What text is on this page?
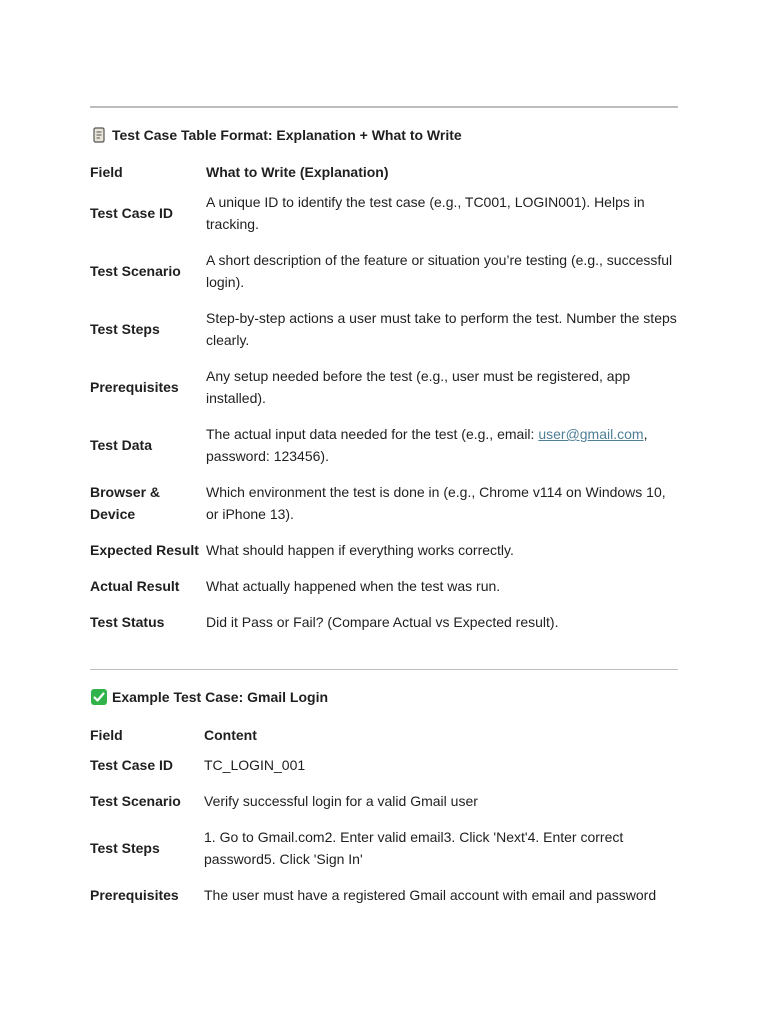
Test Case Table Format: Explanation + What to Write
Field	What to Write (Explanation)
Test Case ID	A unique ID to identify the test case (e.g., TC001, LOGIN001). Helps in tracking.
Test Scenario	A short description of the feature or situation you’re testing (e.g., successful login).
Test Steps	Step-by-step actions a user must take to perform the test. Number the steps clearly.
Prerequisites	Any setup needed before the test (e.g., user must be registered, app installed).
Test Data	The actual input data needed for the test (e.g., email: user@gmail.com, password: 123456).
Browser & Device	Which environment the test is done in (e.g., Chrome v114 on Windows 10, or iPhone 13).
Expected Result	What should happen if everything works correctly.
Actual Result	What actually happened when the test was run.
Test Status	Did it Pass or Fail? (Compare Actual vs Expected result).
Example Test Case: Gmail Login
Field	Content
Test Case ID	TC_LOGIN_001
Test Scenario	Verify successful login for a valid Gmail user
Test Steps	1. Go to Gmail.com2. Enter valid email3. Click 'Next'4. Enter correct password5. Click 'Sign In'
Prerequisites	The user must have a registered Gmail account with email and password
